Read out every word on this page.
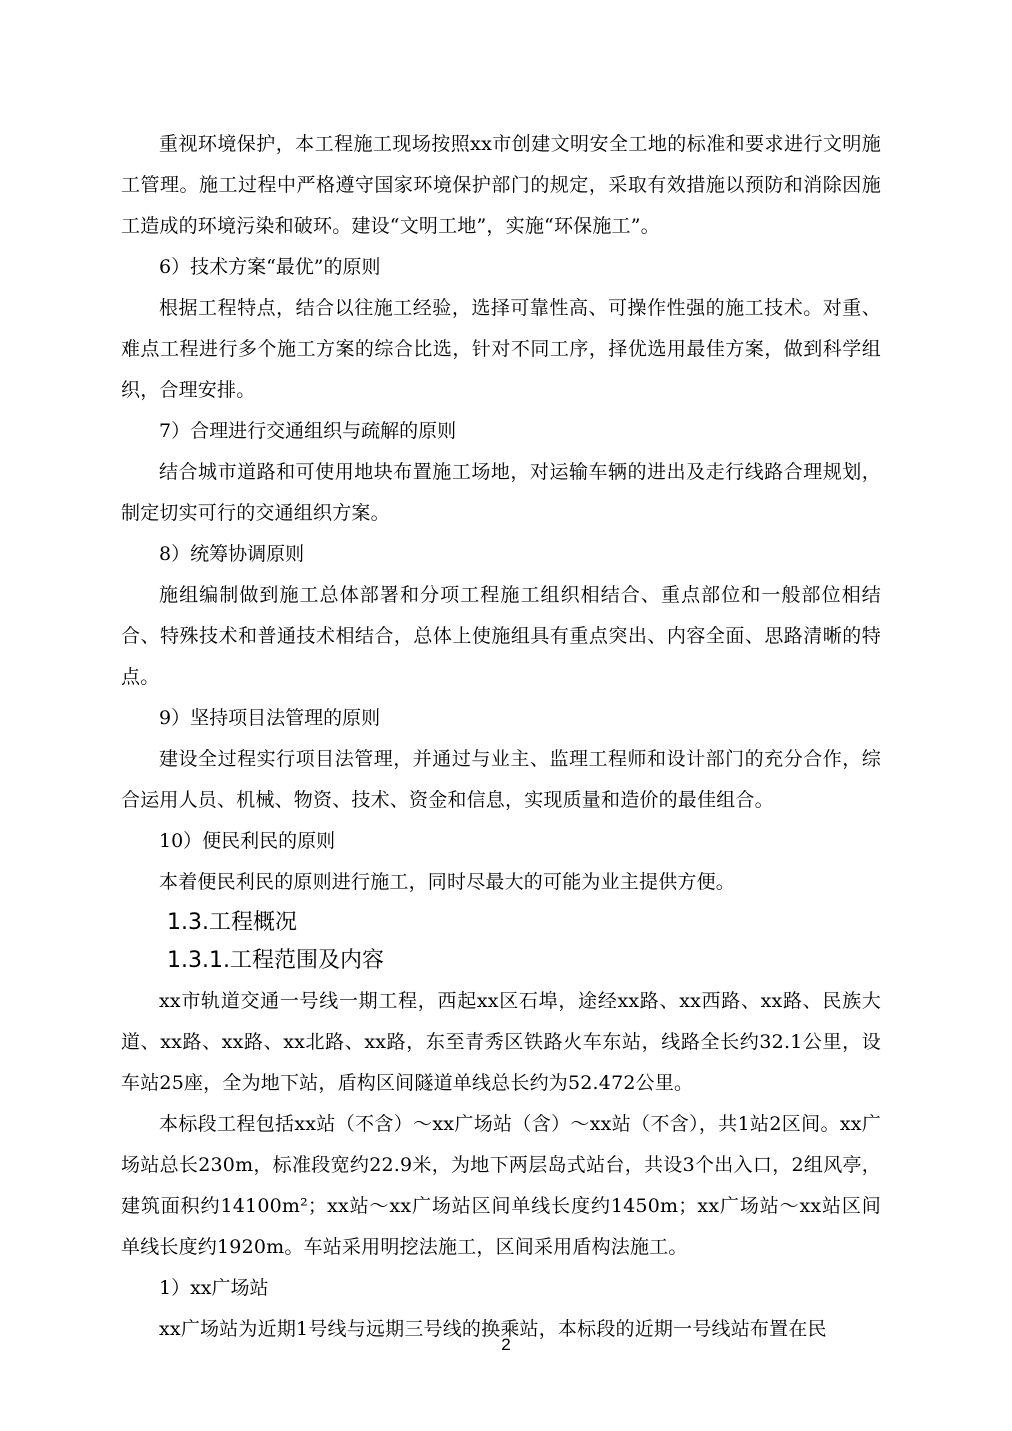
重视环境保护，本工程施工现场按照xx市创建文明安全工地的标准和要求进行文明施工管理。施工过程中严格遵守国家环境保护部门的规定，采取有效措施以预防和消除因施工造成的环境污染和破环。建设“文明工地”，实施“环保施工”。

6）技术方案“最优”的原则

根据工程特点，结合以往施工经验，选择可靠性高、可操作性强的施工技术。对重、难点工程进行多个施工方案的综合比选，针对不同工序，择优选用最佳方案，做到科学组织，合理安排。

7）合理进行交通组织与疏解的原则

结合城市道路和可使用地块布置施工场地，对运输车辆的进出及走行线路合理规划，制定切实可行的交通组织方案。

8）统筹协调原则

施组编制做到施工总体部署和分项工程施工组织相结合、重点部位和一般部位相结合、特殊技术和普通技术相结合，总体上使施组具有重点突出、内容全面、思路清晰的特点。

9）坚持项目法管理的原则

建设全过程实行项目法管理，并通过与业主、监理工程师和设计部门的充分合作，综合运用人员、机械、物资、技术、资金和信息，实现质量和造价的最佳组合。

10）便民利民的原则

本着便民利民的原则进行施工，同时尽最大的可能为业主提供方便。

1.3.工程概况
1.3.1.工程范围及内容

xx市轨道交通一号线一期工程，西起xx区石埠，途经xx路、xx西路、xx路、民族大道、xx路、xx路、xx北路、xx路，东至青秀区铁路火车东站，线路全长约32.1公里，设车站25座，全为地下站，盾构区间隧道单线总长约为52.472公里。

本标段工程包括xx站（不含）～xx广场站（含）～xx站（不含），共1站2区间。xx广场站总长230m，标准段宽约22.9米，为地下两层岛式站台，共设3个出入口，2组风亭，建筑面积约14100m²；xx站～xx广场站区间单线长度约1450m；xx广场站～xx站区间单线长度约1920m。车站采用明挖法施工，区间采用盾构法施工。

1）xx广场站

xx广场站为近期1号线与远期三号线的换乘站，本标段的近期一号线站布置在民

2
